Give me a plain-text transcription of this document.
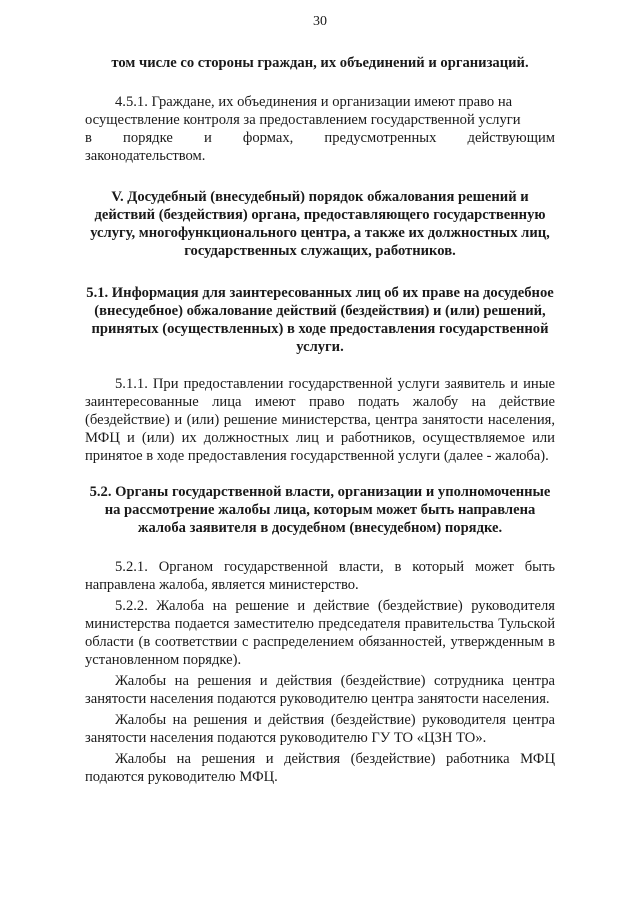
30

том числе со стороны граждан, их объединений и организаций.

4.5.1. Граждане, их объединения и организации имеют право на
осуществление контроля за предоставлением государственной услуги
в порядке и формах, предусмотренных действующим
законодательством.

V. Досудебный (внесудебный) порядок обжалования решений и действий (бездействия) органа, предоставляющего государственную услугу, многофункционального центра, а также их должностных лиц, государственных служащих, работников.

5.1. Информация для заинтересованных лиц об их праве на досудебное (внесудебное) обжалование действий (бездействия) и (или) решений, принятых (осуществленных) в ходе предоставления государственной услуги.

5.1.1. При предоставлении государственной услуги заявитель и иные заинтересованные лица имеют право подать жалобу на действие (бездействие) и (или) решение министерства, центра занятости населения, МФЦ и (или) их должностных лиц и работников, осуществляемое или принятое в ходе предоставления государственной услуги (далее - жалоба).

5.2. Органы государственной власти, организации и уполномоченные на рассмотрение жалобы лица, которым может быть направлена жалоба заявителя в досудебном (внесудебном) порядке.

5.2.1. Органом государственной власти, в который может быть направлена жалоба, является министерство.

5.2.2. Жалоба на решение и действие (бездействие) руководителя министерства подается заместителю председателя правительства Тульской области (в соответствии с распределением обязанностей, утвержденным в установленном порядке).

Жалобы на решения и действия (бездействие) сотрудника центра занятости населения подаются руководителю центра занятости населения.

Жалобы на решения и действия (бездействие) руководителя центра занятости населения подаются руководителю ГУ ТО «ЦЗН ТО».

Жалобы на решения и действия (бездействие) работника МФЦ подаются руководителю МФЦ.
